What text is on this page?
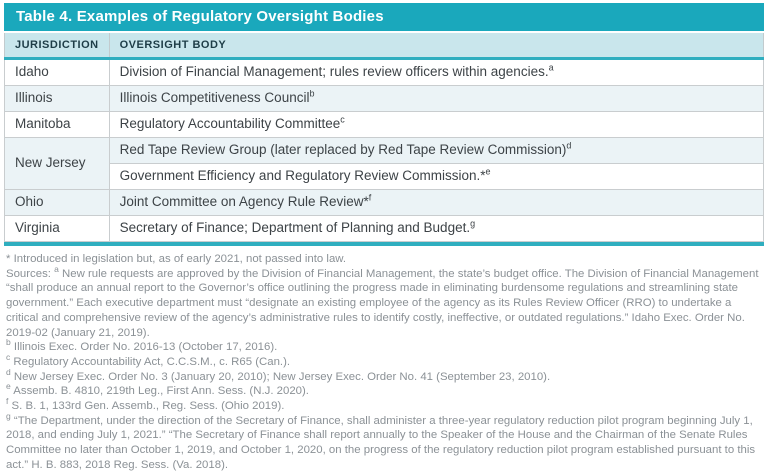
Table 4. Examples of Regulatory Oversight Bodies
JURISDICTION	OVERSIGHT BODY
Idaho	Division of Financial Management; rules review officers within agencies.$^a$
Illinois	Illinois Competitiveness Council$^b$
Manitoba	Regulatory Accountability Committee$^c$
New Jersey	Red Tape Review Group (later replaced by Red Tape Review Commission)$^d$
	Government Efficiency and Regulatory Review Commission.*$^e$
Ohio	Joint Committee on Agency Rule Review*$^f$
Virginia	Secretary of Finance; Department of Planning and Budget.$^g$

* Introduced in legislation but, as of early 2021, not passed into law.

Sources: $^a$ New rule requests are approved by the Division of Financial Management, the state’s budget office. The Division of Financial Management “shall produce an annual report to the Governor’s office outlining the progress made in eliminating burdensome regulations and streamlining state government.” Each executive department must “designate an existing employee of the agency as its Rules Review Officer (RRO) to undertake a critical and comprehensive review of the agency’s administrative rules to identify costly, ineffective, or outdated regulations.” Idaho Exec. Order No. 2019-02 (January 21, 2019).

$^b$ Illinois Exec. Order No. 2016-13 (October 17, 2016).

$^c$ Regulatory Accountability Act, C.C.S.M., c. R65 (Can.).

$^d$ New Jersey Exec. Order No. 3 (January 20, 2010); New Jersey Exec. Order No. 41 (September 23, 2010).

$^e$ Assemb. B. 4810, 219th Leg., First Ann. Sess. (N.J. 2020).

$^f$ S. B. 1, 133rd Gen. Assemb., Reg. Sess. (Ohio 2019).

$^g$ “The Department, under the direction of the Secretary of Finance, shall administer a three-year regulatory reduction pilot program beginning July 1, 2018, and ending July 1, 2021.” “The Secretary of Finance shall report annually to the Speaker of the House and the Chairman of the Senate Rules Committee no later than October 1, 2019, and October 1, 2020, on the progress of the regulatory reduction pilot program established pursuant to this act.” H. B. 883, 2018 Reg. Sess. (Va. 2018).
